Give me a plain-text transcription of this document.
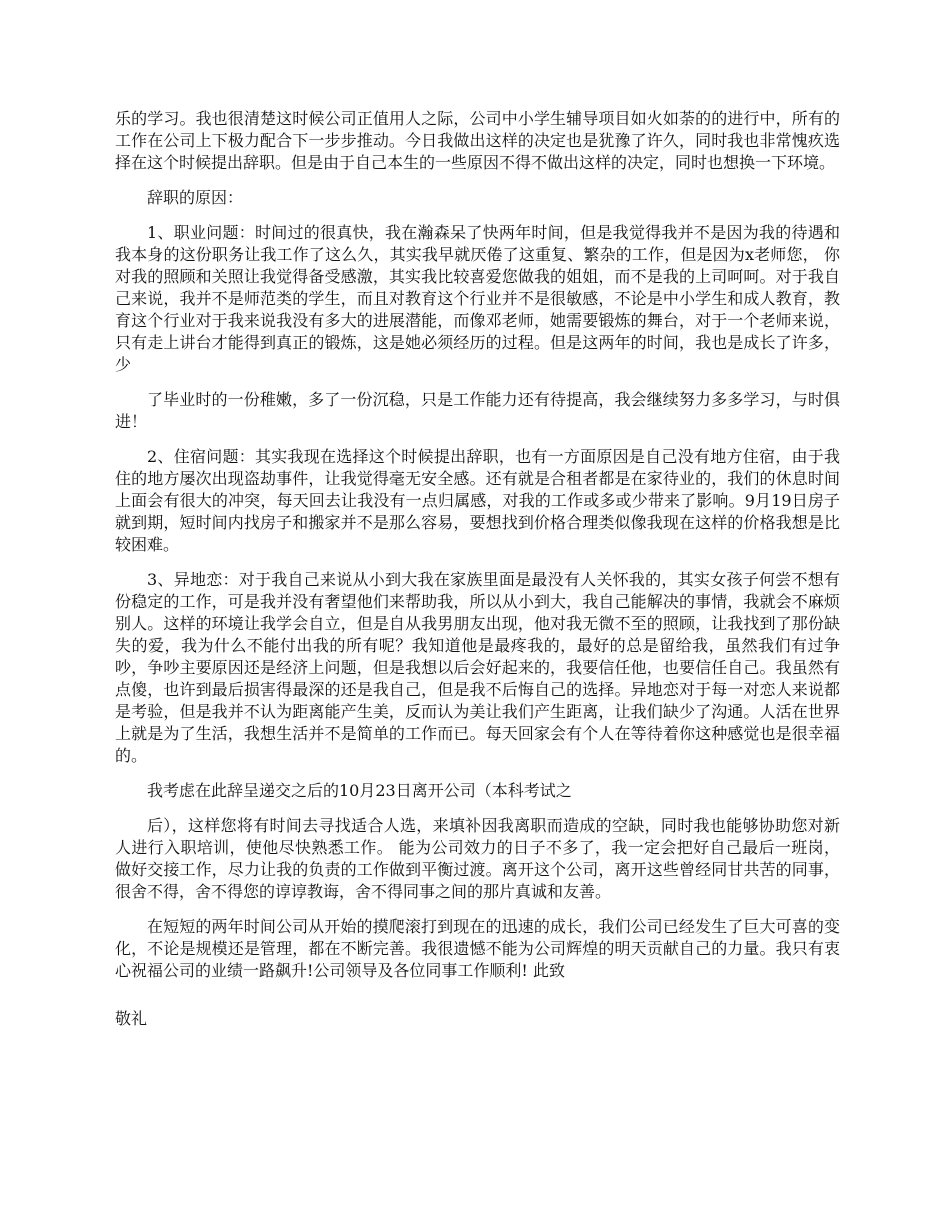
乐的学习。我也很清楚这时候公司正值用人之际，公司中小学生辅导项目如火如荼的的进行中，所有的工作在公司上下极力配合下一步步推动。今日我做出这样的决定也是犹豫了许久，同时我也非常愧疚选择在这个时候提出辞职。但是由于自己本生的一些原因不得不做出这样的决定，同时也想换一下环境。

辞职的原因：

1、职业问题：时间过的很真快，我在瀚森呆了快两年时间，但是我觉得我并不是因为我的待遇和我本身的这份职务让我工作了这么久，其实我早就厌倦了这重复、繁杂的工作，但是因为x老师您， 你对我的照顾和关照让我觉得备受感激，其实我比较喜爱您做我的姐姐，而不是我的上司呵呵。对于我自己来说，我并不是师范类的学生，而且对教育这个行业并不是很敏感，不论是中小学生和成人教育，教育这个行业对于我来说我没有多大的进展潜能，而像邓老师，她需要锻炼的舞台，对于一个老师来说，只有走上讲台才能得到真正的锻炼，这是她必须经历的过程。但是这两年的时间，我也是成长了许多，少

了毕业时的一份稚嫩，多了一份沉稳，只是工作能力还有待提高，我会继续努力多多学习，与时俱进！

2、住宿问题：其实我现在选择这个时候提出辞职，也有一方面原因是自己没有地方住宿，由于我住的地方屡次出现盗劫事件，让我觉得毫无安全感。还有就是合租者都是在家待业的，我们的休息时间上面会有很大的冲突，每天回去让我没有一点归属感，对我的工作或多或少带来了影响。9月19日房子就到期，短时间内找房子和搬家并不是那么容易，要想找到价格合理类似像我现在这样的价格我想是比较困难。

3、异地恋：对于我自己来说从小到大我在家族里面是最没有人关怀我的，其实女孩子何尝不想有份稳定的工作，可是我并没有奢望他们来帮助我，所以从小到大，我自己能解决的事情，我就会不麻烦别人。这样的环境让我学会自立，但是自从我男朋友出现，他对我无微不至的照顾，让我找到了那份缺失的爱，我为什么不能付出我的所有呢？我知道他是最疼我的，最好的总是留给我，虽然我们有过争吵，争吵主要原因还是经济上问题，但是我想以后会好起来的，我要信任他，也要信任自己。我虽然有点傻，也许到最后损害得最深的还是我自己，但是我不后悔自己的选择。异地恋对于每一对恋人来说都是考验，但是我并不认为距离能产生美，反而认为美让我们产生距离，让我们缺少了沟通。人活在世界上就是为了生活，我想生活并不是简单的工作而已。每天回家会有个人在等待着你这种感觉也是很幸福的。

我考虑在此辞呈递交之后的10月23日离开公司（本科考试之

后），这样您将有时间去寻找适合人选，来填补因我离职而造成的空缺，同时我也能够协助您对新人进行入职培训，使他尽快熟悉工作。 能为公司效力的日子不多了，我一定会把好自己最后一班岗，做好交接工作，尽力让我的负责的工作做到平衡过渡。离开这个公司，离开这些曾经同甘共苦的同事，很舍不得，舍不得您的谆谆教诲，舍不得同事之间的那片真诚和友善。

在短短的两年时间公司从开始的摸爬滚打到现在的迅速的成长，我们公司已经发生了巨大可喜的变化，不论是规模还是管理，都在不断完善。我很遗憾不能为公司辉煌的明天贡献自己的力量。我只有衷心祝福公司的业绩一路飙升!公司领导及各位同事工作顺利! 此致

敬礼
